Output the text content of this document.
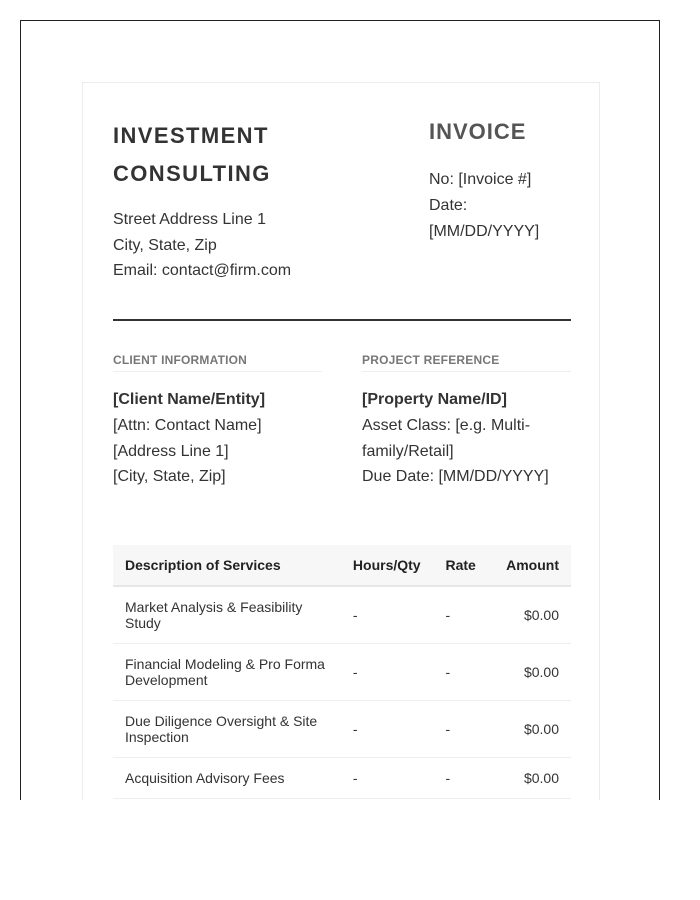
INVESTMENT
CONSULTING
Street Address Line 1
City, State, Zip
Email: contact@firm.com
INVOICE
No: [Invoice #]
Date:
[MM/DD/YYYY]
CLIENT INFORMATION	PROJECT REFERENCE
[Client Name/Entity]
[Attn: Contact Name]
[Address Line 1]
[City, State, Zip]
[Property Name/ID]
Asset Class: [e.g. Multi-
family/Retail]
Due Date: [MM/DD/YYYY]
Description of Services	Hours/Qty	Rate	Amount
Market Analysis & Feasibility Study	-	-	$0.00
Financial Modeling & Pro Forma Development	-	-	$0.00
Due Diligence Oversight & Site Inspection	-	-	$0.00
Acquisition Advisory Fees	-	-	$0.00
